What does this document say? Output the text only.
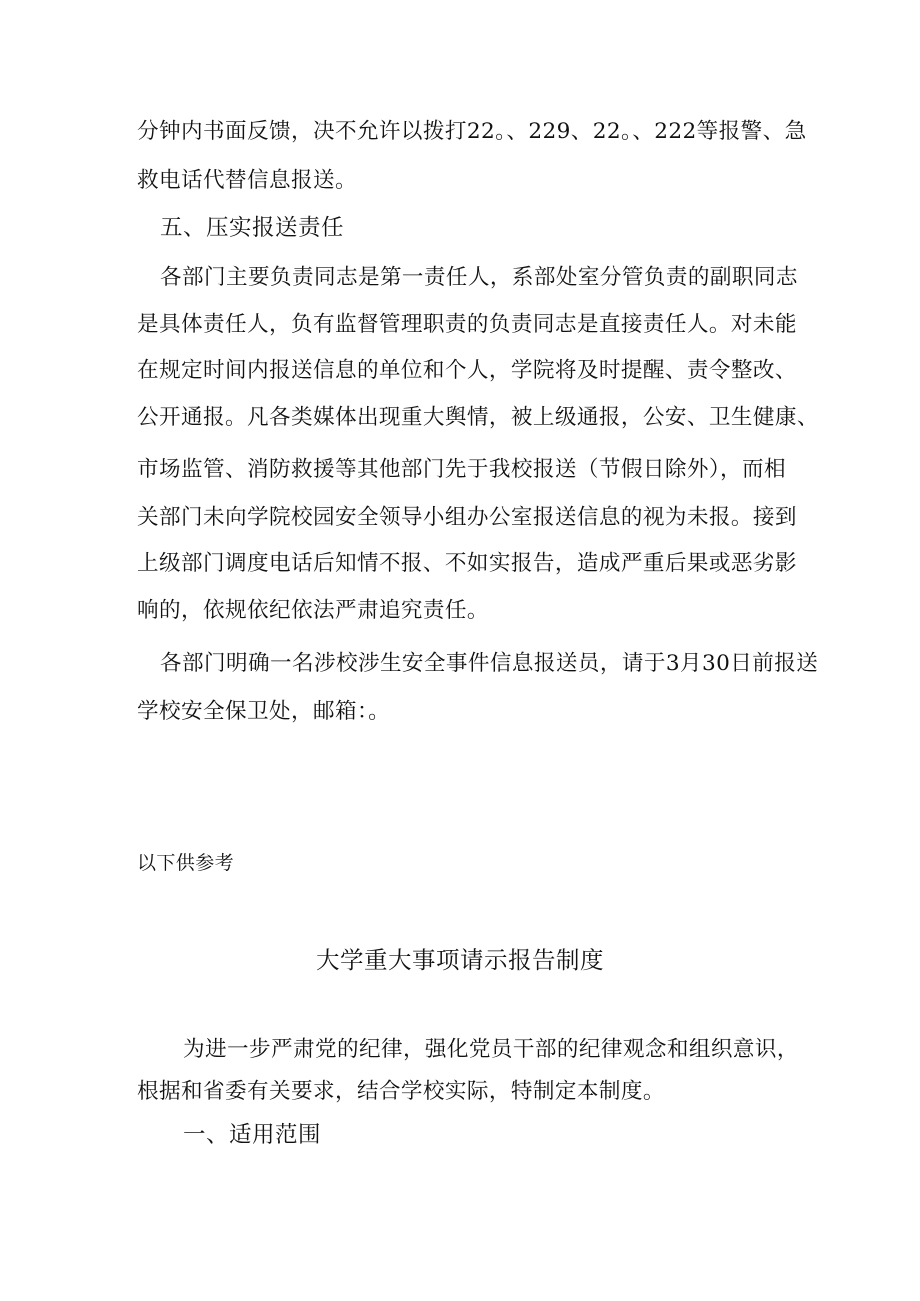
分钟内书面反馈，决不允许以拨打22。、229、22。、222等报警、急
救电话代替信息报送。
五、压实报送责任
各部门主要负责同志是第一责任人，系部处室分管负责的副职同志
是具体责任人，负有监督管理职责的负责同志是直接责任人。对未能
在规定时间内报送信息的单位和个人，学院将及时提醒、责令整改、
公开通报。凡各类媒体出现重大舆情，被上级通报，公安、卫生健康、
市场监管、消防救援等其他部门先于我校报送（节假日除外），而相
关部门未向学院校园安全领导小组办公室报送信息的视为未报。接到
上级部门调度电话后知情不报、不如实报告，造成严重后果或恶劣影
响的，依规依纪依法严肃追究责任。
各部门明确一名涉校涉生安全事件信息报送员，请于3月30日前报送
学校安全保卫处，邮箱：。
以下供参考
大学重大事项请示报告制度
为进一步严肃党的纪律，强化党员干部的纪律观念和组织意识，
根据和省委有关要求，结合学校实际，特制定本制度。
一、适用范围
